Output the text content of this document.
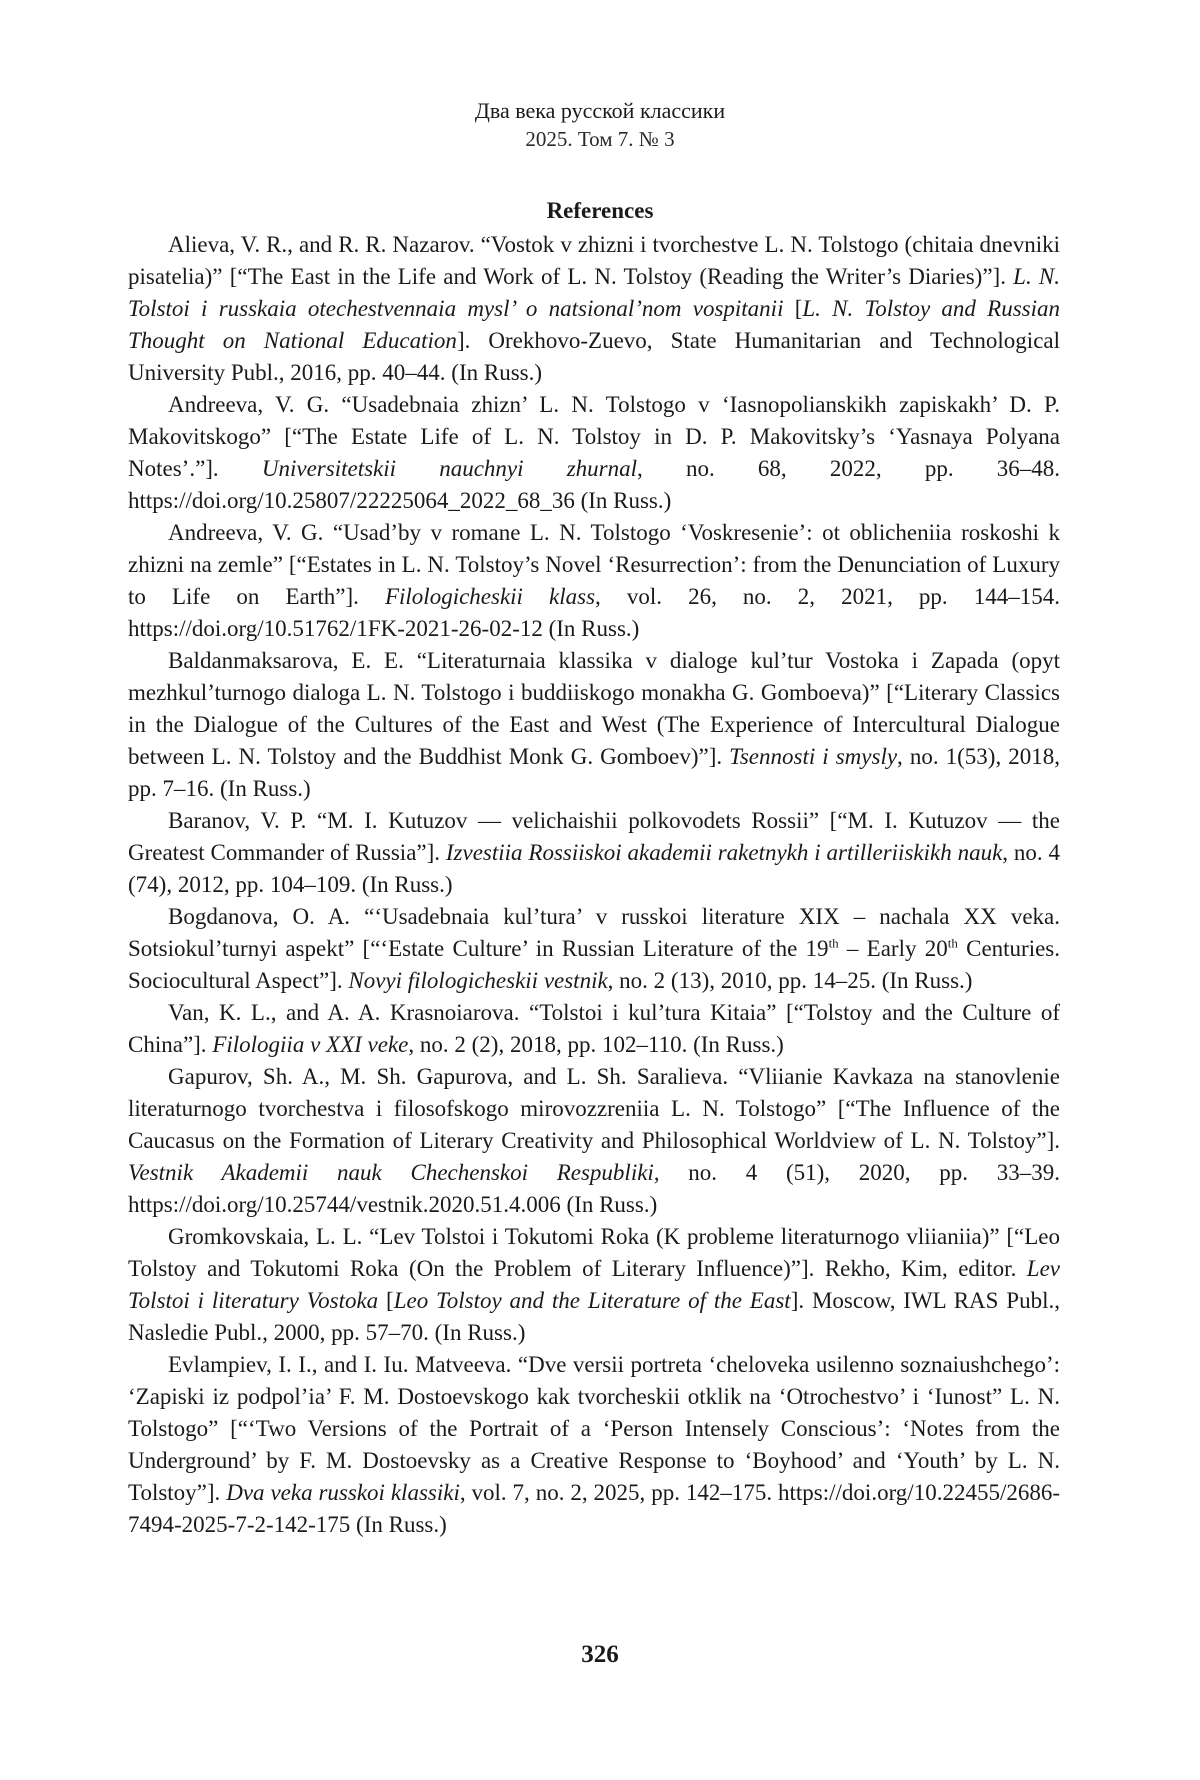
Два века русской классики
2025. Том 7. № 3
References

Alieva, V. R., and R. R. Nazarov. “Vostok v zhizni i tvorchestve L. N. Tolstogo (chitaia dnevniki pisatelia)” [“The East in the Life and Work of L. N. Tolstoy (Reading the Writer’s Diaries)”]. L. N. Tolstoi i russkaia otechestvennaia mysl’ o natsional’nom vospitanii [L. N. Tolstoy and Russian Thought on National Education]. Orekhovo-Zuevo, State Humanitarian and Technological University Publ., 2016, pp. 40–44. (In Russ.)

Andreeva, V. G. “Usadebnaia zhizn’ L. N. Tolstogo v ‘Iasnopolianskikh zapiskakh’ D. P. Makovitskogo” [“The Estate Life of L. N. Tolstoy in D. P. Makovitsky’s ‘Yasnaya Polyana Notes’.”]. Universitetskii nauchnyi zhurnal, no. 68, 2022, pp. 36–48. https://doi.org/10.25807/22225064_2022_68_36 (In Russ.)

Andreeva, V. G. “Usad’by v romane L. N. Tolstogo ‘Voskresenie’: ot oblicheniia roskoshi k zhizni na zemle” [“Estates in L. N. Tolstoy’s Novel ‘Resurrection’: from the Denunciation of Luxury to Life on Earth”]. Filologicheskii klass, vol. 26, no. 2, 2021, pp. 144–154. https://doi.org/10.51762/1FK-2021-26-02-12 (In Russ.)

Baldanmaksarova, E. E. “Literaturnaia klassika v dialoge kul’tur Vostoka i Zapada (opyt mezhkul’turnogo dialoga L. N. Tolstogo i buddiiskogo monakha G. Gomboeva)” [“Literary Classics in the Dialogue of the Cultures of the East and West (The Experience of Intercultural Dialogue between L. N. Tolstoy and the Buddhist Monk G. Gomboev)”]. Tsennosti i smysly, no. 1(53), 2018, pp. 7–16. (In Russ.)

Baranov, V. P. “M. I. Kutuzov — velichaishii polkovodets Rossii” [“M. I. Kutuzov — the Greatest Commander of Russia”]. Izvestiia Rossiiskoi akademii raketnykh i artilleriiskikh nauk, no. 4 (74), 2012, pp. 104–109. (In Russ.)

Bogdanova, O. A. “‘Usadebnaia kul’tura’ v russkoi literature XIX – nachala XX veka. Sotsiokul’turnyi aspekt” [“‘Estate Culture’ in Russian Literature of the 19th – Early 20th Centuries. Sociocultural Aspect”]. Novyi filologicheskii vestnik, no. 2 (13), 2010, pp. 14–25. (In Russ.)

Van, K. L., and A. A. Krasnoiarova. “Tolstoi i kul’tura Kitaia” [“Tolstoy and the Culture of China”]. Filologiia v XXI veke, no. 2 (2), 2018, pp. 102–110. (In Russ.)

Gapurov, Sh. A., M. Sh. Gapurova, and L. Sh. Saralieva. “Vliianie Kavkaza na stanovlenie literaturnogo tvorchestva i filosofskogo mirovozzreniia L. N. Tolstogo” [“The Influence of the Caucasus on the Formation of Literary Creativity and Philosophical Worldview of L. N. Tolstoy”]. Vestnik Akademii nauk Chechenskoi Respubliki, no. 4 (51), 2020, pp. 33–39. https://doi.org/10.25744/vestnik.2020.51.4.006 (In Russ.)

Gromkovskaia, L. L. “Lev Tolstoi i Tokutomi Roka (K probleme literaturnogo vliianiia)” [“Leo Tolstoy and Tokutomi Roka (On the Problem of Literary Influence)”]. Rekho, Kim, editor. Lev Tolstoi i literatury Vostoka [Leo Tolstoy and the Literature of the East]. Moscow, IWL RAS Publ., Nasledie Publ., 2000, pp. 57–70. (In Russ.)

Evlampiev, I. I., and I. Iu. Matveeva. “Dve versii portreta ‘cheloveka usilenno soznaiushchego’: ‘Zapiski iz podpol’ia’ F. M. Dostoevskogo kak tvorcheskii otklik na ‘Otrochestvo’ i ‘Iunost” L. N. Tolstogo” [“‘Two Versions of the Portrait of a ‘Person Intensely Conscious’: ‘Notes from the Underground’ by F. M. Dostoevsky as a Creative Response to ‘Boyhood’ and ‘Youth’ by L. N. Tolstoy”]. Dva veka russkoi klassiki, vol. 7, no. 2, 2025, pp. 142–175. https://doi.org/10.22455/2686-7494-2025-7-2-142-175 (In Russ.)

326
